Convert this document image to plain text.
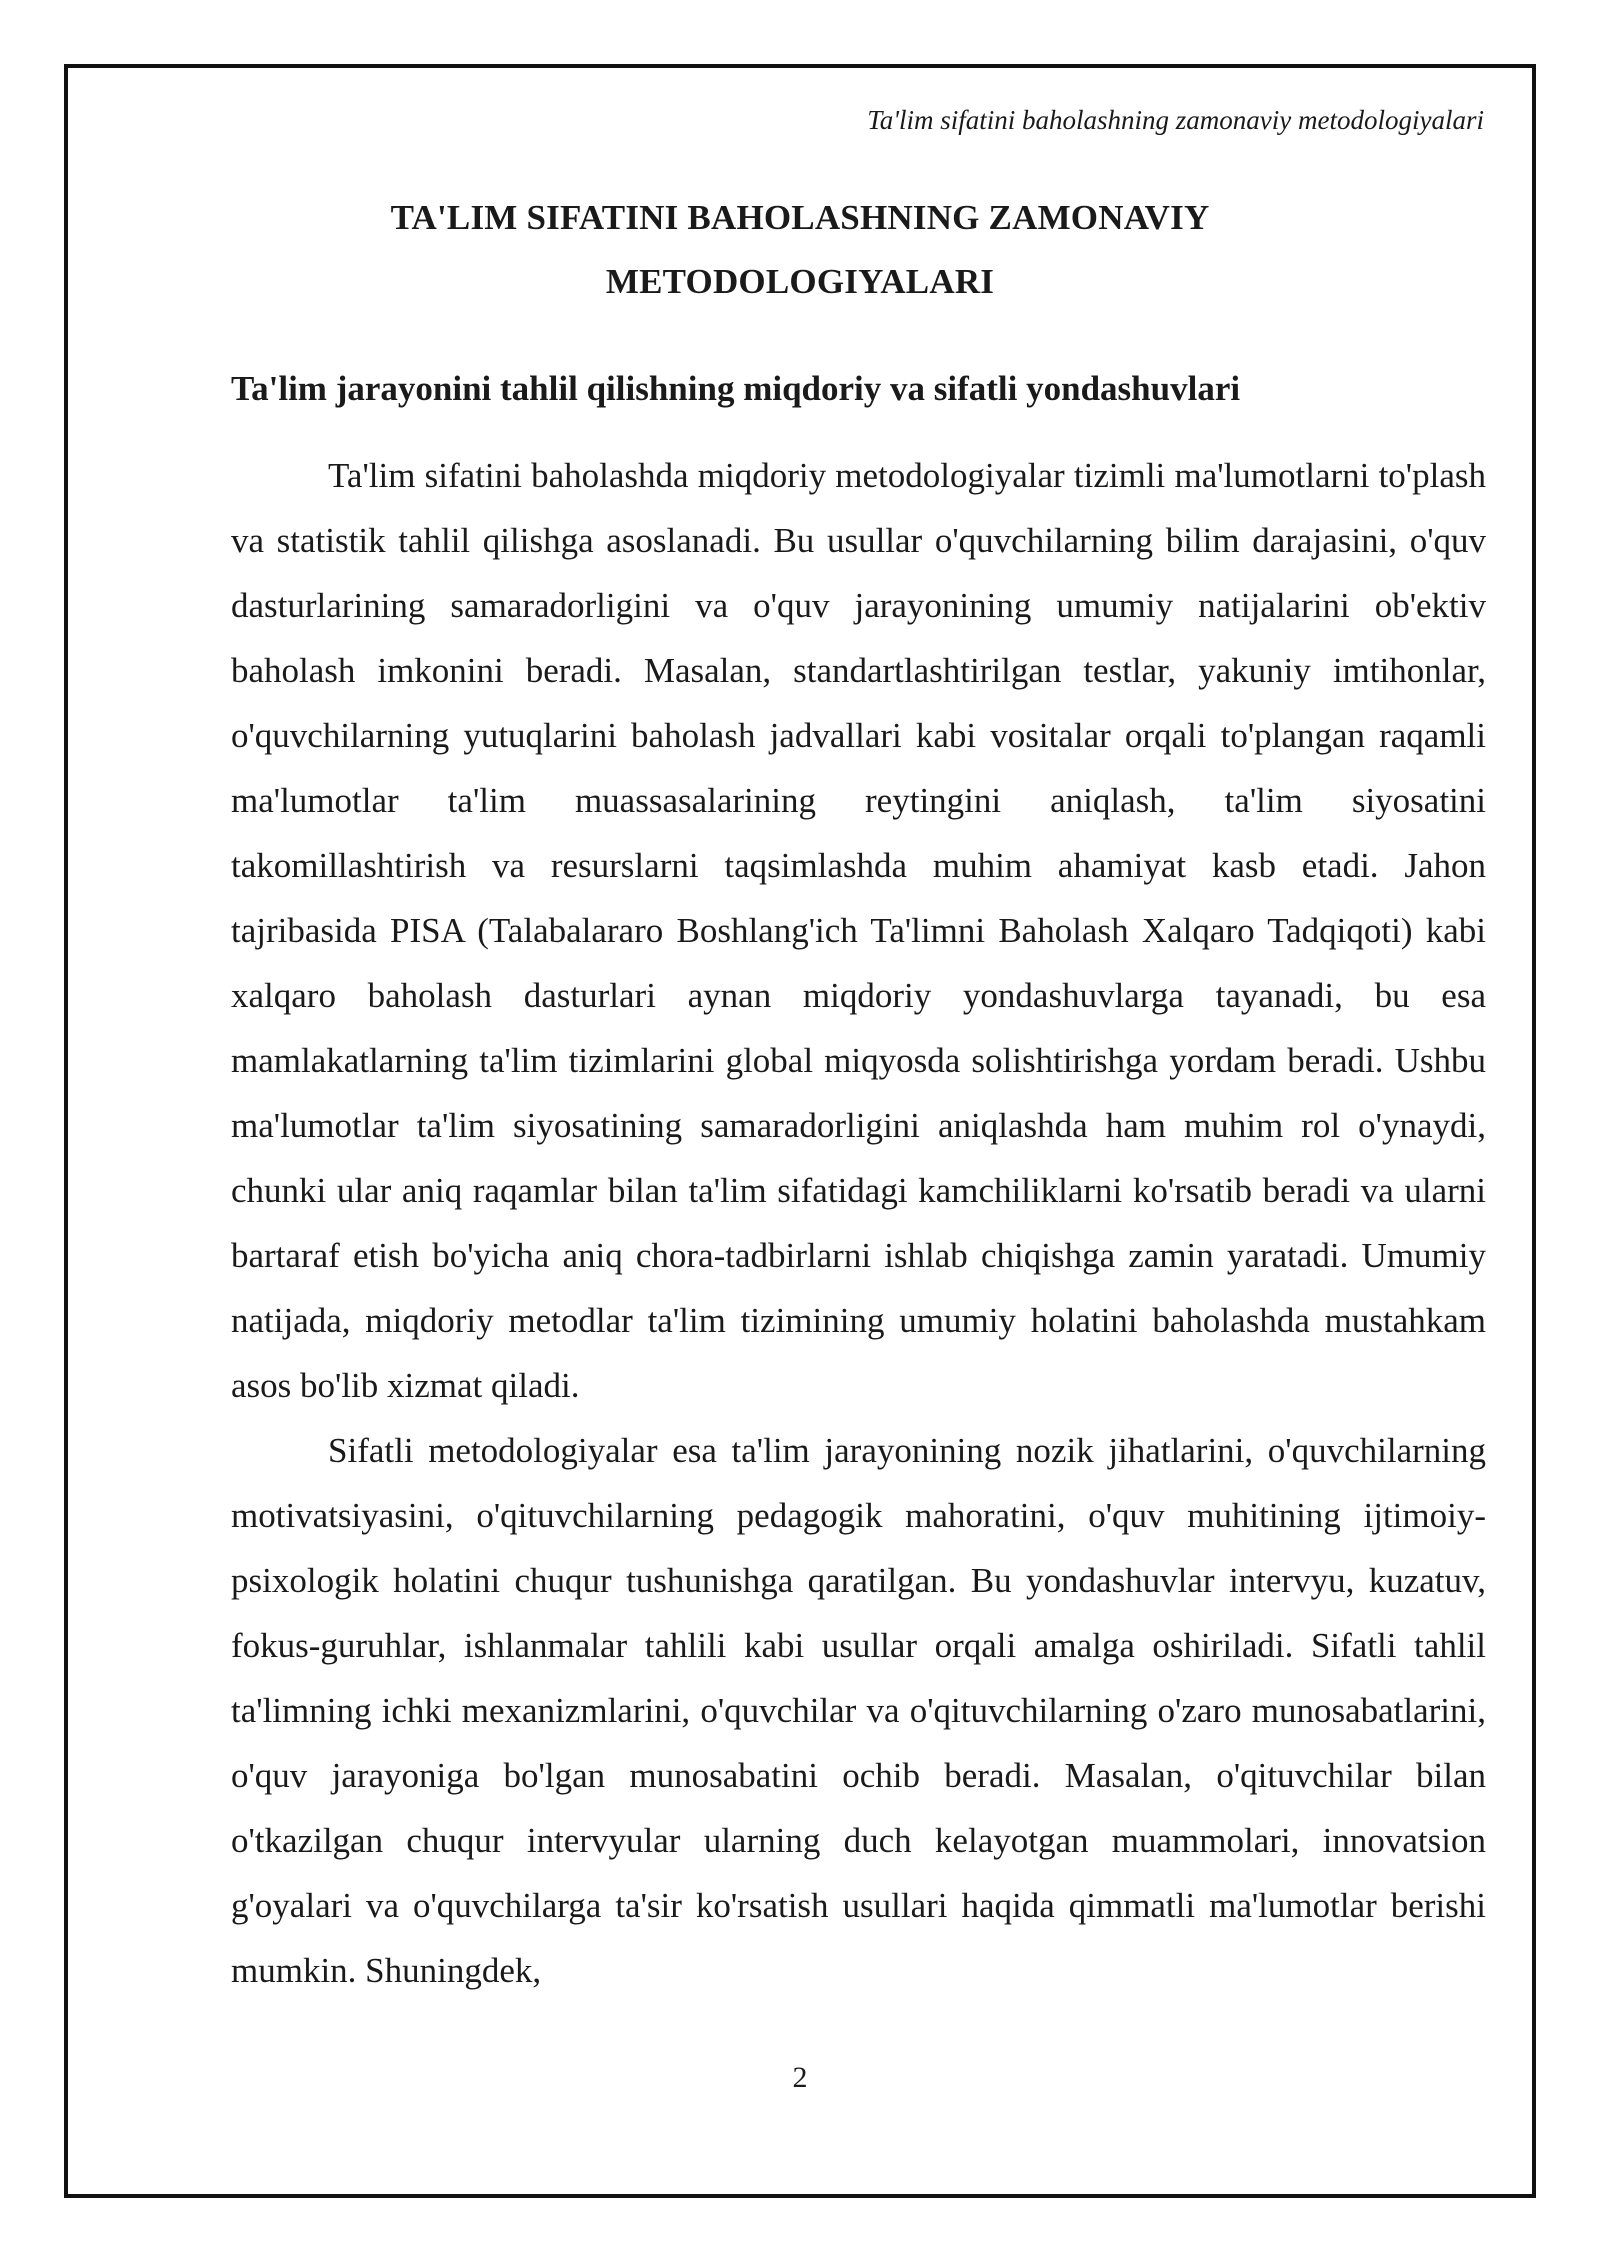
Ta'lim sifatini baholashning zamonaviy metodologiyalari
TA'LIM SIFATINI BAHOLASHNING ZAMONAVIY
METODOLOGIYALARI
Ta'lim jarayonini tahlil qilishning miqdoriy va sifatli yondashuvlari

Ta'lim sifatini baholashda miqdoriy metodologiyalar tizimli ma'lumotlarni to'plash va statistik tahlil qilishga asoslanadi. Bu usullar o'quvchilarning bilim darajasini, o'quv dasturlarining samaradorligini va o'quv jarayonining umumiy natijalarini ob'ektiv baholash imkonini beradi. Masalan, standartlashtirilgan testlar, yakuniy imtihonlar, o'quvchilarning yutuqlarini baholash jadvallari kabi vositalar orqali to'plangan raqamli ma'lumotlar ta'lim muassasalarining reytingini aniqlash, ta'lim siyosatini takomillashtirish va resurslarni taqsimlashda muhim ahamiyat kasb etadi. Jahon tajribasida PISA (Talabalararo Boshlang'ich Ta'limni Baholash Xalqaro Tadqiqoti) kabi xalqaro baholash dasturlari aynan miqdoriy yondashuvlarga tayanadi, bu esa mamlakatlarning ta'lim tizimlarini global miqyosda solishtirishga yordam beradi. Ushbu ma'lumotlar ta'lim siyosatining samaradorligini aniqlashda ham muhim rol o'ynaydi, chunki ular aniq raqamlar bilan ta'lim sifatidagi kamchiliklarni ko'rsatib beradi va ularni bartaraf etish bo'yicha aniq chora-tadbirlarni ishlab chiqishga zamin yaratadi. Umumiy natijada, miqdoriy metodlar ta'lim tizimining umumiy holatini baholashda mustahkam asos bo'lib xizmat qiladi.

Sifatli metodologiyalar esa ta'lim jarayonining nozik jihatlarini, o'quvchilarning motivatsiyasini, o'qituvchilarning pedagogik mahoratini, o'quv muhitining ijtimoiy-psixologik holatini chuqur tushunishga qaratilgan. Bu yondashuvlar intervyu, kuzatuv, fokus-guruhlar, ishlanmalar tahlili kabi usullar orqali amalga oshiriladi. Sifatli tahlil ta'limning ichki mexanizmlarini, o'quvchilar va o'qituvchilarning o'zaro munosabatlarini, o'quv jarayoniga bo'lgan munosabatini ochib beradi. Masalan, o'qituvchilar bilan o'tkazilgan chuqur intervyular ularning duch kelayotgan muammolari, innovatsion g'oyalari va o'quvchilarga ta'sir ko'rsatish usullari haqida qimmatli ma'lumotlar berishi mumkin. Shuningdek,

2
